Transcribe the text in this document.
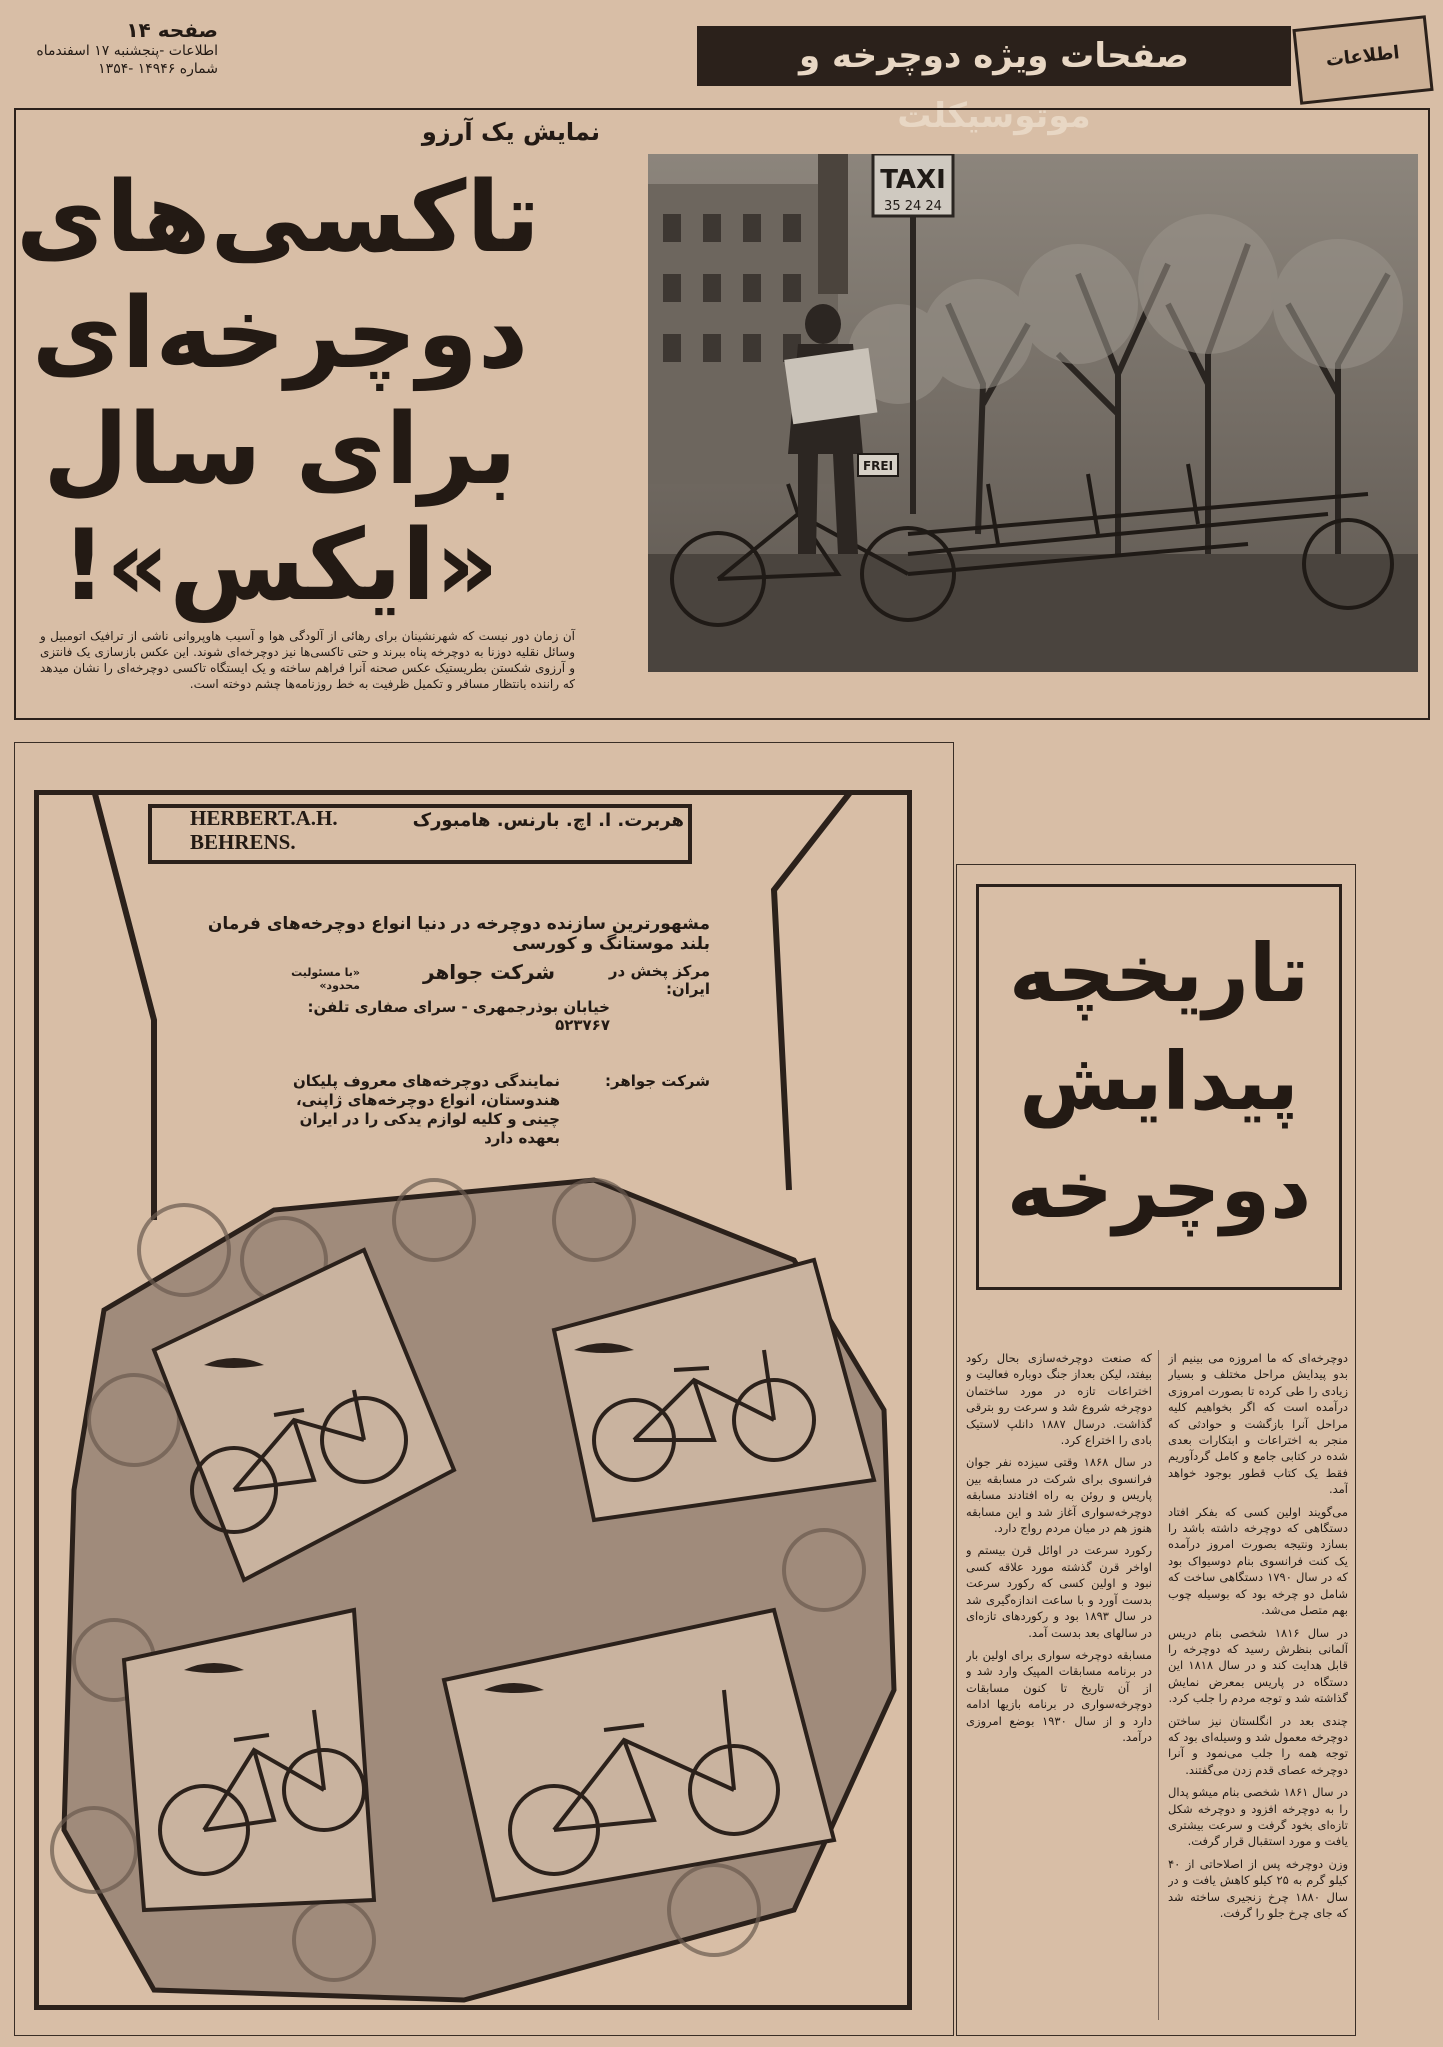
صفحه ۱۴
اطلاعات -پنجشنبه ۱۷ اسفندماه
۱۳۵۴- شماره ۱۴۹۴۶	صفحات ویژه دوچرخه و موتوسیکلت
اطلاعات
نمایش یک آرزو
تاکسی‌های
دوچرخه‌ای
برای سال
«ایکس»!
آن زمان دور نیست که شهرنشینان برای رهائی از آلودگی هوا و آسیب هاوپروانی ناشی از ترافیک اتومبیل و وسائل نقلیه دوزنا به دوچرخه پناه ببرند و حتی تاکسی‌ها نیز دوچرخه‌ای شوند. این عکس بازسازی یک فانتزی و آرزوی شکستن بطریستیک عکس صحنه آنرا فراهم ساخته و یک ایستگاه تاکسی دوچرخه‌ای را نشان میدهد که راننده بانتظار مسافر و تکمیل ظرفیت به خط روزنامه‌ها چشم دوخته است.
TAXI
35 24 24
FREI
HERBERT.A.H.
BEHRENS.
هربرت. ا. اچ. بارنس. هامبورک
مشهورترین سازنده دوچرخه در دنیا انواع دوچرخه‌های فرمان بلند موستانگ و کورسی
مرکز پخش در ایران:
شرکت جواهر
«با مسئولیت محدود»
خیابان بوذرجمهری - سرای صفاری تلفن: ۵۲۳۷۶۷
شرکت جواهر:
نمایندگی دوچرخه‌های معروف پلیکان هندوستان، انواع دوچرخه‌های ژاپنی، چینی و کلیه لوازم یدکی را در ایران بعهده دارد
تاریخچه
پیدایش
دوچرخه

دوچرخه‌ای که ما امروزه می بینیم از بدو پیدایش مراحل مختلف و بسیار زیادی را طی کرده تا بصورت امروزی درآمده است که اگر بخواهیم کلیه مراحل آنرا بازگشت و حوادثی که منجر به اختراعات و ابتکارات بعدی شده در کتابی جامع و کامل گردآوریم فقط یک کتاب قطور بوجود خواهد آمد.

می‌گویند اولین کسی که بفکر افتاد دستگاهی که دوچرخه داشته باشد را بسازد ونتیجه بصورت امروز درآمده یک کنت فرانسوی بنام دوسیواک بود که در سال ۱۷۹۰ دستگاهی ساخت که شامل دو چرخه بود که بوسیله چوب بهم متصل می‌شد.

در سال ۱۸۱۶ شخصی بنام دریس آلمانی بنظرش رسید که دوچرخه را قابل هدایت کند و در سال ۱۸۱۸ این دستگاه در پاریس بمعرض نمایش گذاشته شد و توجه مردم را جلب کرد.

چندی بعد در انگلستان نیز ساختن دوچرخه معمول شد و وسیله‌ای بود که توجه همه را جلب می‌نمود و آنرا دوچرخه عصای قدم زدن می‌گفتند.

در سال ۱۸۶۱ شخصی بنام میشو پدال را به دوچرخه افزود و دوچرخه شکل تازه‌ای بخود گرفت و سرعت بیشتری یافت و مورد استقبال قرار گرفت.

وزن دوچرخه پس از اصلاحاتی از ۴۰ کیلو گرم به ۲۵ کیلو کاهش یافت و در سال ۱۸۸۰ چرخ زنجیری ساخته شد که جای چرخ جلو را گرفت.

که صنعت دوچرخه‌سازی بحال رکود بیفتد، لیکن بعداز جنگ دوباره فعالیت و اختراعات تازه در مورد ساختمان دوچرخه شروع شد و سرعت رو بترقی گذاشت. درسال ۱۸۸۷ دانلپ لاستیک بادی را اختراع کرد.

در سال ۱۸۶۸ وقتی سیزده نفر جوان فرانسوی برای شرکت در مسابقه بین پاریس و روئن به راه افتادند مسابقه دوچرخه‌سواری آغاز شد و این مسابقه هنوز هم در میان مردم رواج دارد.

رکورد سرعت در اوائل قرن بیستم و اواخر قرن گذشته مورد علاقه کسی نبود و اولین کسی که رکورد سرعت بدست آورد و با ساعت اندازه‌گیری شد در سال ۱۸۹۳ بود و رکوردهای تازه‌ای در سالهای بعد بدست آمد.

مسابقه دوچرخه سواری برای اولین بار در برنامه مسابقات المپیک وارد شد و از آن تاریخ تا کنون مسابقات دوچرخه‌سواری در برنامه بازیها ادامه دارد و از سال ۱۹۳۰ بوضع امروزی درآمد.
